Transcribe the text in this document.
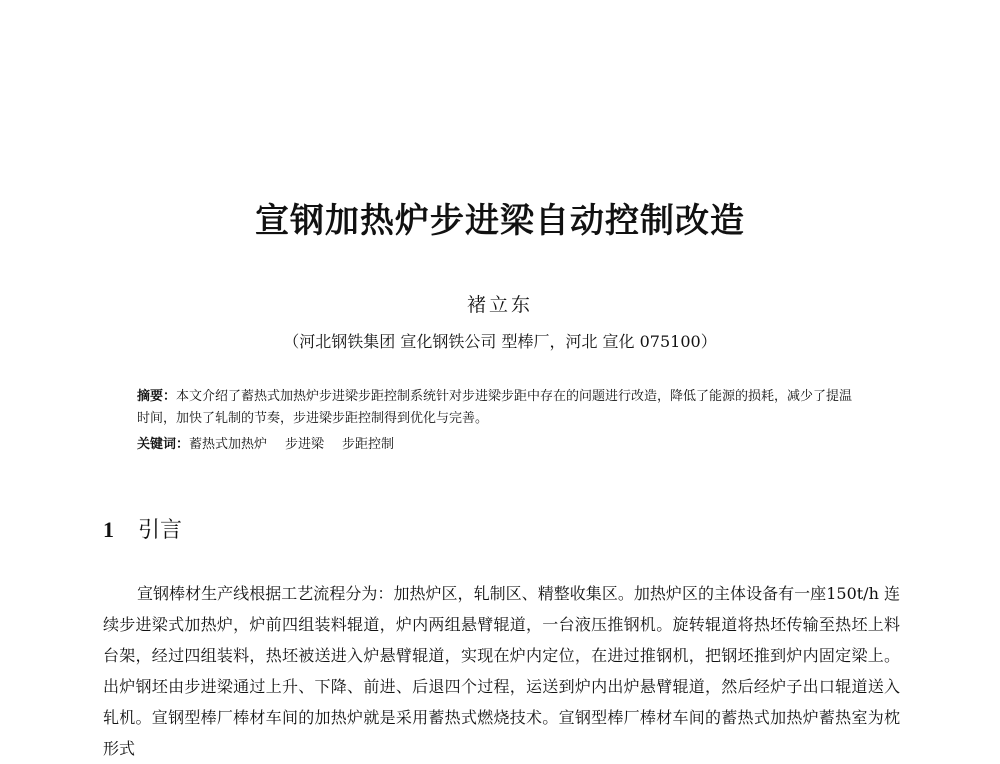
宣钢加热炉步进梁自动控制改造
褚立东
（河北钢铁集团 宣化钢铁公司 型棒厂，河北 宣化 075100）
摘要：本文介绍了蓄热式加热炉步进梁步距控制系统针对步进梁步距中存在的问题进行改造，降低了能源的损耗，减少了提温时间，加快了轧制的节奏，步进梁步距控制得到优化与完善。
关键词：蓄热式加热炉 步进梁 步距控制
1 引言

宣钢棒材生产线根据工艺流程分为：加热炉区，轧制区、精整收集区。加热炉区的主体设备有一座150t/h 连续步进梁式加热炉，炉前四组装料辊道，炉内两组悬臂辊道，一台液压推钢机。旋转辊道将热坯传输至热坯上料台架，经过四组装料，热坯被送进入炉悬臂辊道，实现在炉内定位，在进过推钢机，把钢坯推到炉内固定梁上。出炉钢坯由步进梁通过上升、下降、前进、后退四个过程，运送到炉内出炉悬臂辊道，然后经炉子出口辊道送入轧机。宣钢型棒厂棒材车间的加热炉就是采用蓄热式燃烧技术。宣钢型棒厂棒材车间的蓄热式加热炉蓄热室为枕形式
